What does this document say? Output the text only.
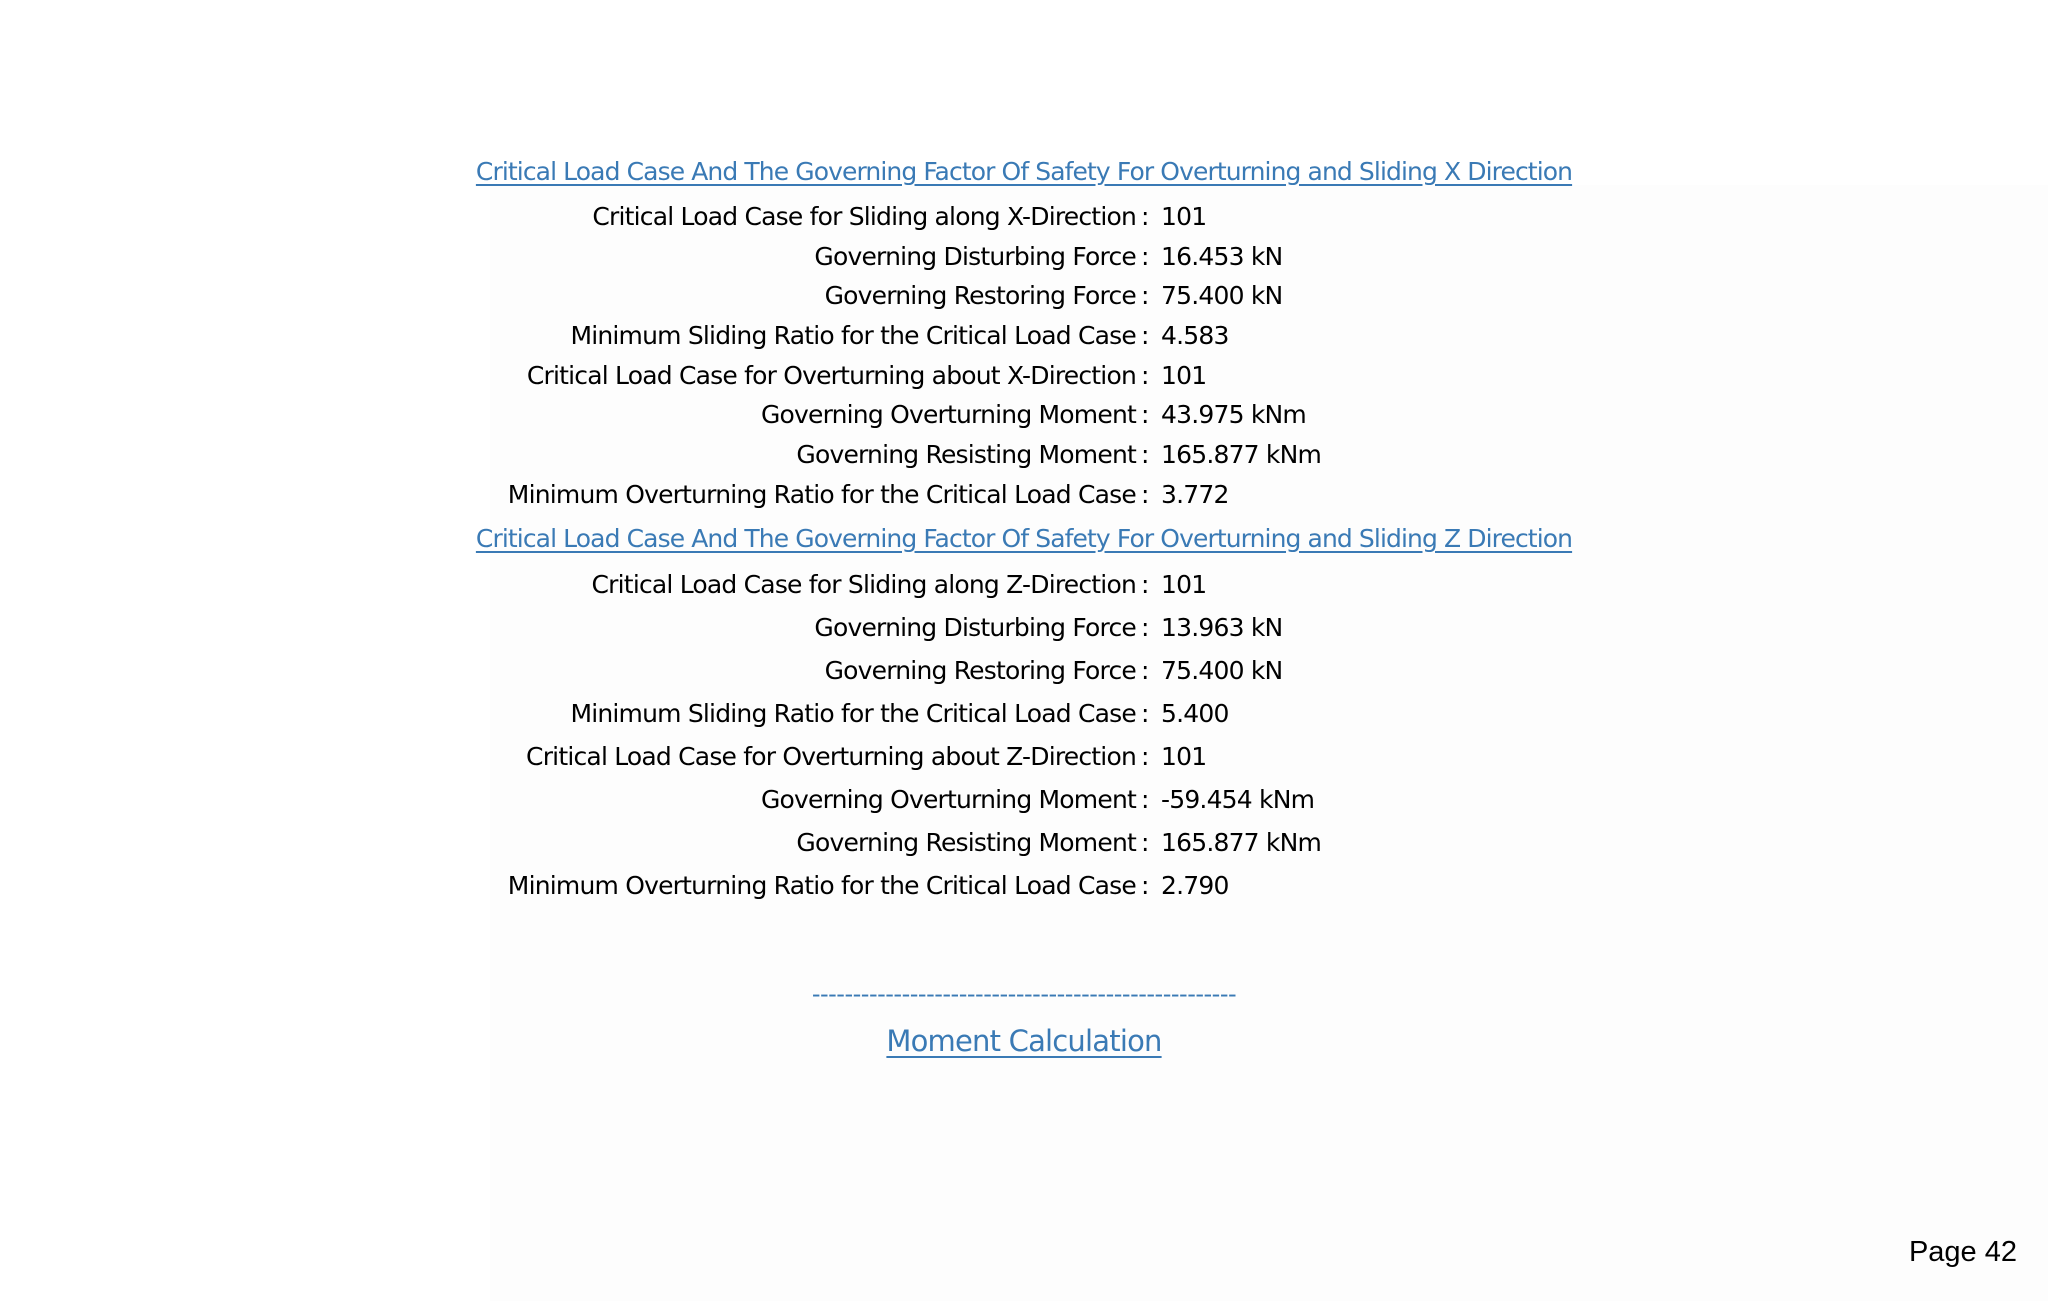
Critical Load Case And The Governing Factor Of Safety For Overturning and Sliding X Direction
Critical Load Case for Sliding along X-Direction : 101
Governing Disturbing Force : 16.453 kN
Governing Restoring Force : 75.400 kN
Minimum Sliding Ratio for the Critical Load Case : 4.583
Critical Load Case for Overturning about X-Direction : 101
Governing Overturning Moment : 43.975 kNm
Governing Resisting Moment : 165.877 kNm
Minimum Overturning Ratio for the Critical Load Case : 3.772
Critical Load Case And The Governing Factor Of Safety For Overturning and Sliding Z Direction
Critical Load Case for Sliding along Z-Direction : 101
Governing Disturbing Force : 13.963 kN
Governing Restoring Force : 75.400 kN
Minimum Sliding Ratio for the Critical Load Case : 5.400
Critical Load Case for Overturning about Z-Direction : 101
Governing Overturning Moment : -59.454 kNm
Governing Resisting Moment : 165.877 kNm
Minimum Overturning Ratio for the Critical Load Case : 2.790
----------------------------------------------------
Moment Calculation
Page 42
